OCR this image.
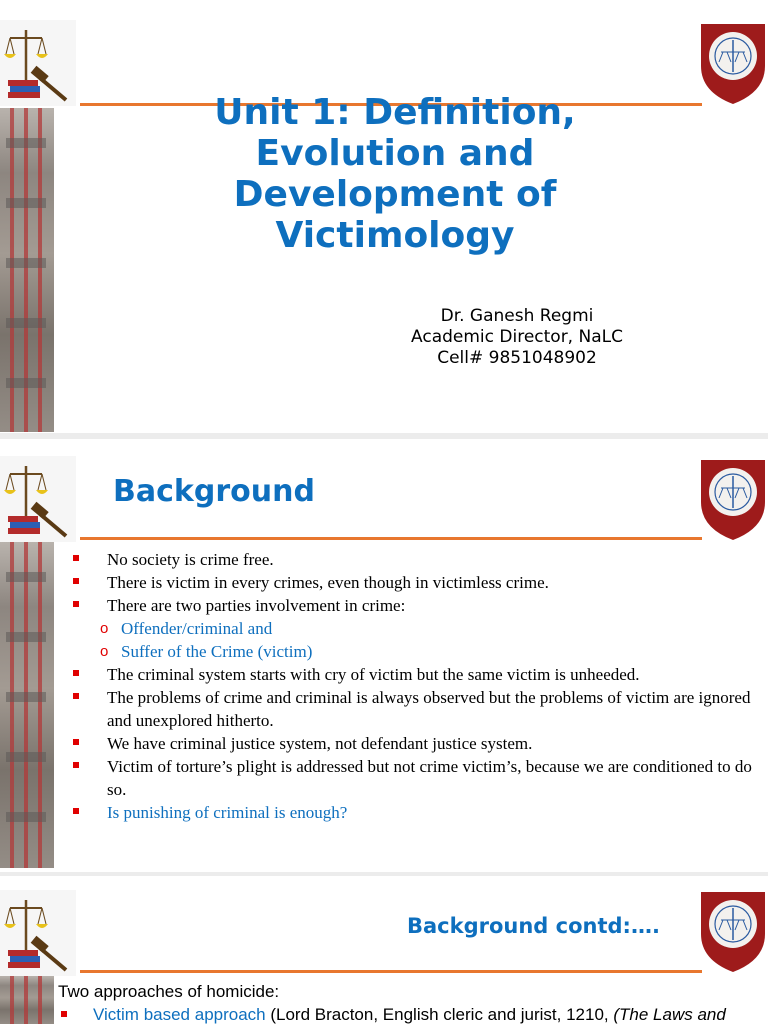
Unit 1: Definition, Evolution and Development of Victimology
Dr. Ganesh Regmi
Academic Director, NaLC
Cell# 9851048902
Background
No society is crime free.
There is victim in every crimes, even though in victimless crime.
There are two parties involvement in crime:
o Offender/criminal and
o Suffer of the Crime (victim)
The criminal system starts with cry of victim but the same victim is unheeded.
The problems of crime and criminal is always observed but the problems of victim are ignored and unexplored hitherto.
We have criminal justice system, not defendant justice system.
Victim of torture’s plight is addressed but not crime victim’s, because we are conditioned to do so.
Is punishing of criminal is enough?
Background contd:….
Two approaches of homicide:
Victim based approach (Lord Bracton, English cleric and jurist, 1210, (The Laws and
